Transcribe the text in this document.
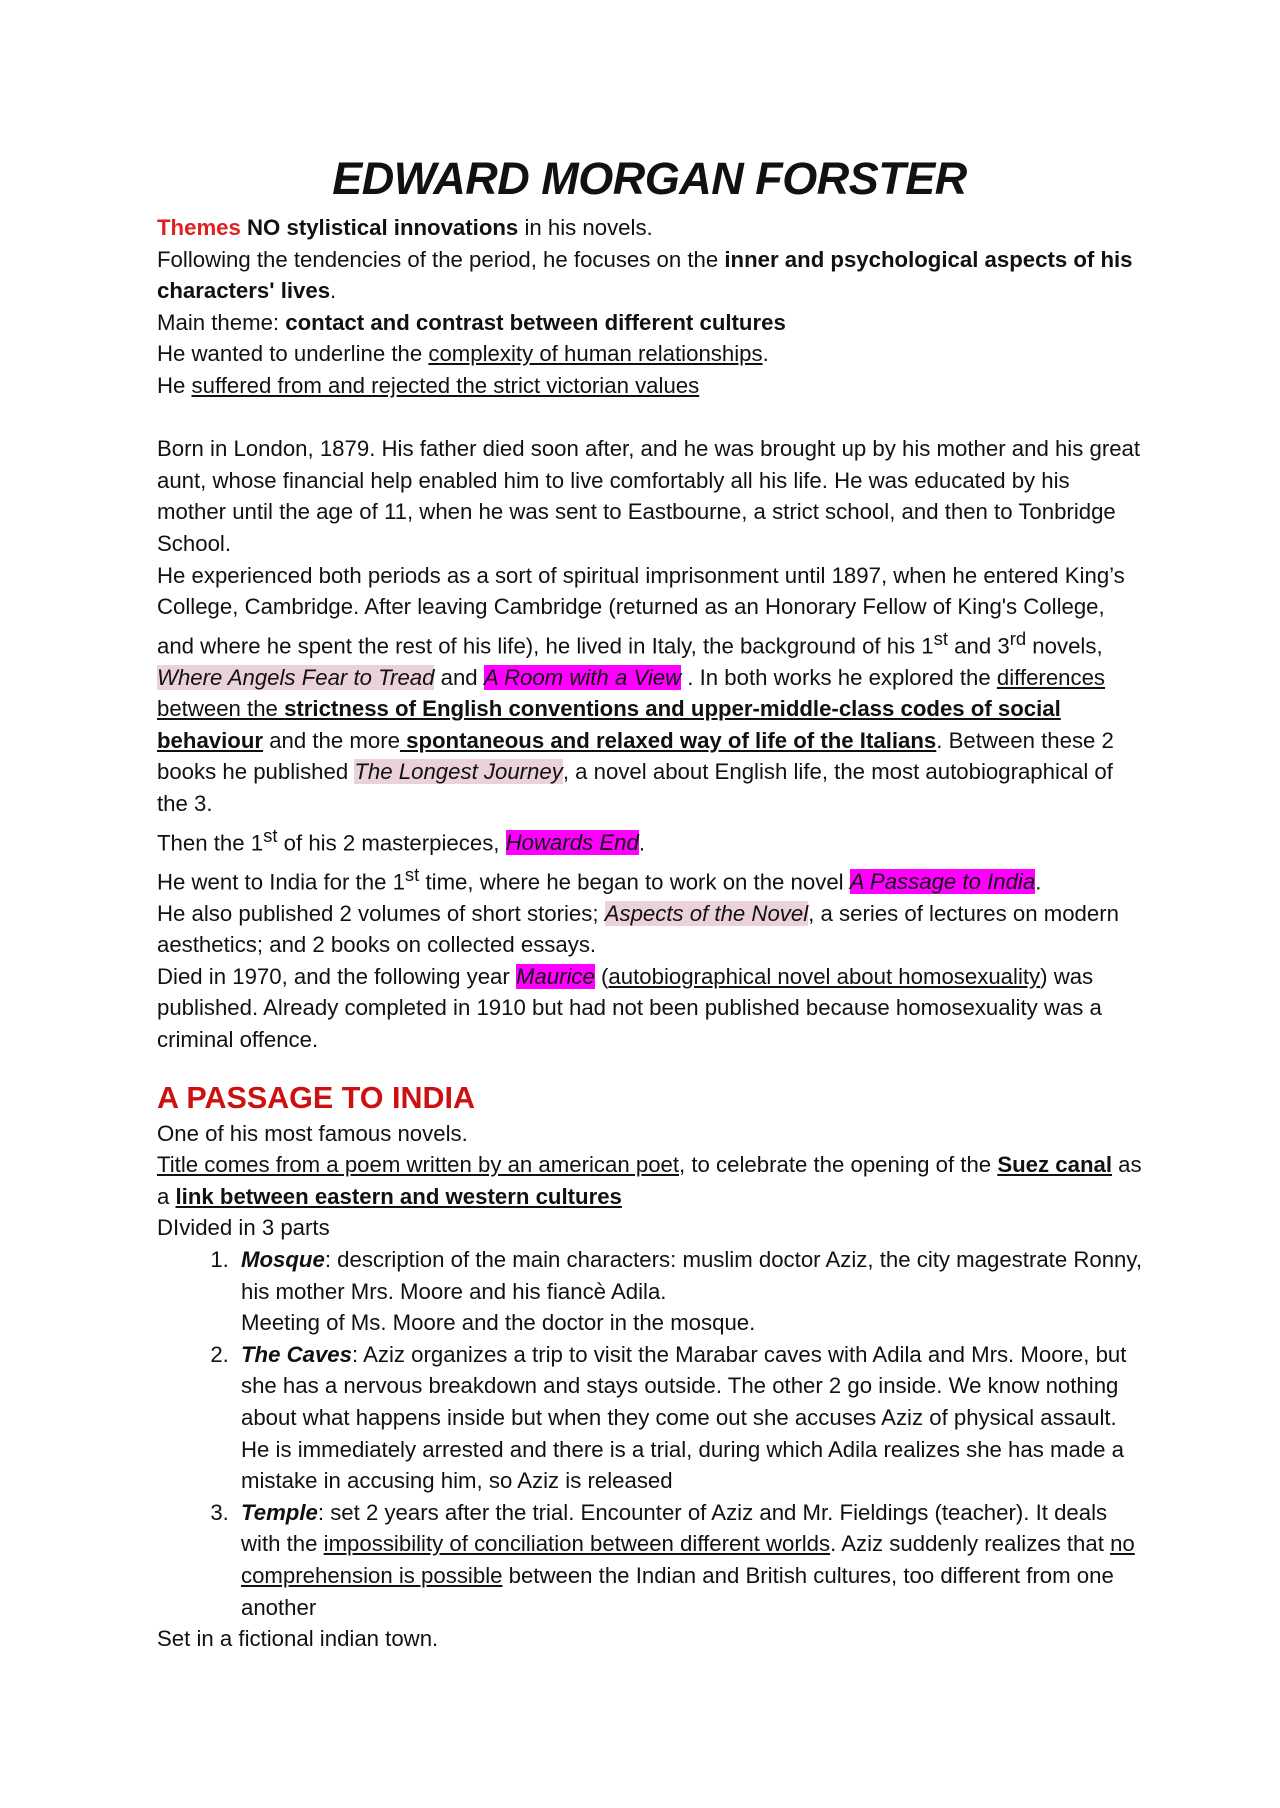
EDWARD MORGAN FORSTER

Themes NO stylistical innovations in his novels.

Following the tendencies of the period, he focuses on the inner and psychological aspects of his characters' lives.

Main theme: contact and contrast between different cultures

He wanted to underline the complexity of human relationships.

He suffered from and rejected the strict victorian values

Born in London, 1879. His father died soon after, and he was brought up by his mother and his great aunt, whose financial help enabled him to live comfortably all his life. He was educated by his mother until the age of 11, when he was sent to Eastbourne, a strict school, and then to Tonbridge School.

He experienced both periods as a sort of spiritual imprisonment until 1897, when he entered King’s College, Cambridge. After leaving Cambridge (returned as an Honorary Fellow of King's College, and where he spent the rest of his life), he lived in Italy, the background of his 1st and 3rd novels, Where Angels Fear to Tread and A Room with a View . In both works he explored the differences between the strictness of English conventions and upper-middle-class codes of social behaviour and the more spontaneous and relaxed way of life of the Italians. Between these 2 books he published The Longest Journey, a novel about English life, the most autobiographical of the 3.

Then the 1st of his 2 masterpieces, Howards End.

He went to India for the 1st time, where he began to work on the novel A Passage to India.

He also published 2 volumes of short stories; Aspects of the Novel, a series of lectures on modern aesthetics; and 2 books on collected essays.

Died in 1970, and the following year Maurice (autobiographical novel about homosexuality) was published. Already completed in 1910 but had not been published because homosexuality was a criminal offence.

A PASSAGE TO INDIA

One of his most famous novels.

Title comes from a poem written by an american poet, to celebrate the opening of the Suez canal as a link between eastern and western cultures

DIvided in 3 parts

1. Mosque: description of the main characters: muslim doctor Aziz, the city magestrate Ronny, his mother Mrs. Moore and his fiancè Adila.
Meeting of Ms. Moore and the doctor in the mosque.
2. The Caves: Aziz organizes a trip to visit the Marabar caves with Adila and Mrs. Moore, but she has a nervous breakdown and stays outside. The other 2 go inside. We know nothing about what happens inside but when they come out she accuses Aziz of physical assault. He is immediately arrested and there is a trial, during which Adila realizes she has made a mistake in accusing him, so Aziz is released
3. Temple: set 2 years after the trial. Encounter of Aziz and Mr. Fieldings (teacher). It deals with the impossibility of conciliation between different worlds. Aziz suddenly realizes that no comprehension is possible between the Indian and British cultures, too different from one another

Set in a fictional indian town.
